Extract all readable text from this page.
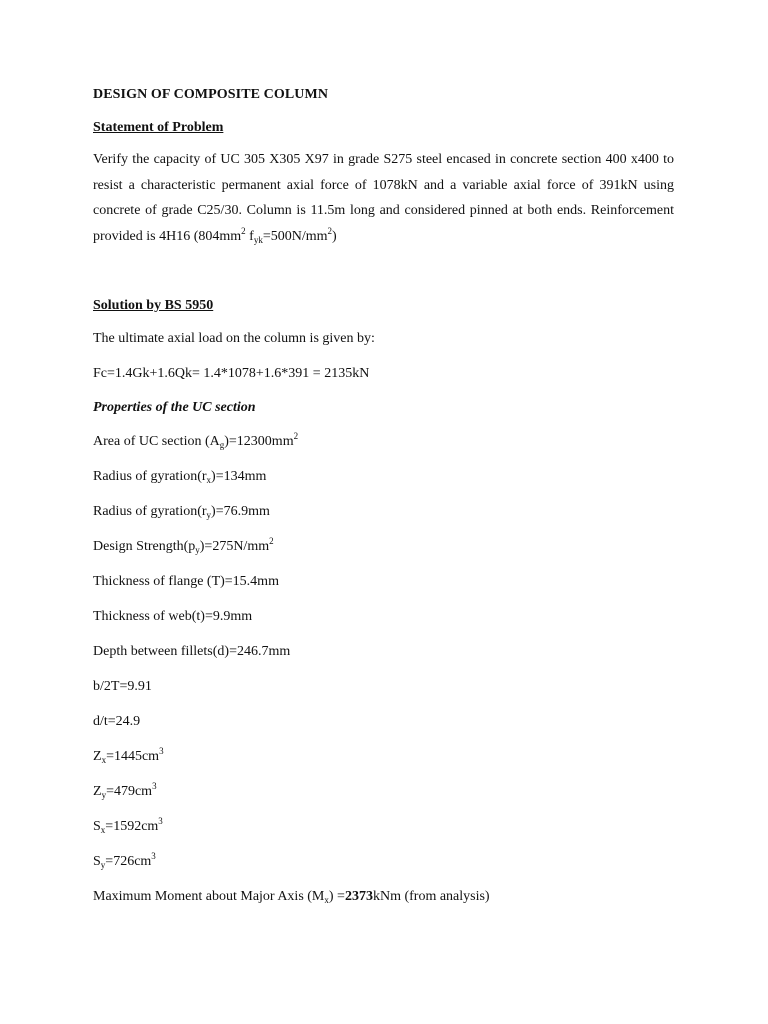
DESIGN OF COMPOSITE COLUMN

Statement of Problem

Verify the capacity of UC 305 X305 X97 in grade S275 steel encased in concrete section 400 x400 to resist a characteristic permanent axial force of 1078kN and a variable axial force of 391kN using concrete of grade C25/30. Column is 11.5m long and considered pinned at both ends. Reinforcement provided is 4H16 ($804mm^2$ $f_{yk}=500N/mm^2$)

Solution by BS 5950

The ultimate axial load on the column is given by:

Fc=1.4Gk+1.6Qk= 1.4*1078+1.6*391 = 2135kN

Properties of the UC section

Area of UC section $(A_g)=12300mm^2$

Radius of $gyration(r_x)=134mm$

Radius of $gyration(r_y)=76.9mm$

Design $Strength(p_y)=275N/mm^2$

Thickness of flange (T)=15.4mm

Thickness of web(t)=9.9mm

Depth between fillets(d)=246.7mm

b/2T=9.91

d/t=24.9

$Z_x=1445cm^3$

$Z_y=479cm^3$

$S_x=1592cm^3$

$S_y=726cm^3$

Maximum Moment about Major Axis $(M_x) =2373kNm$ (from analysis)
